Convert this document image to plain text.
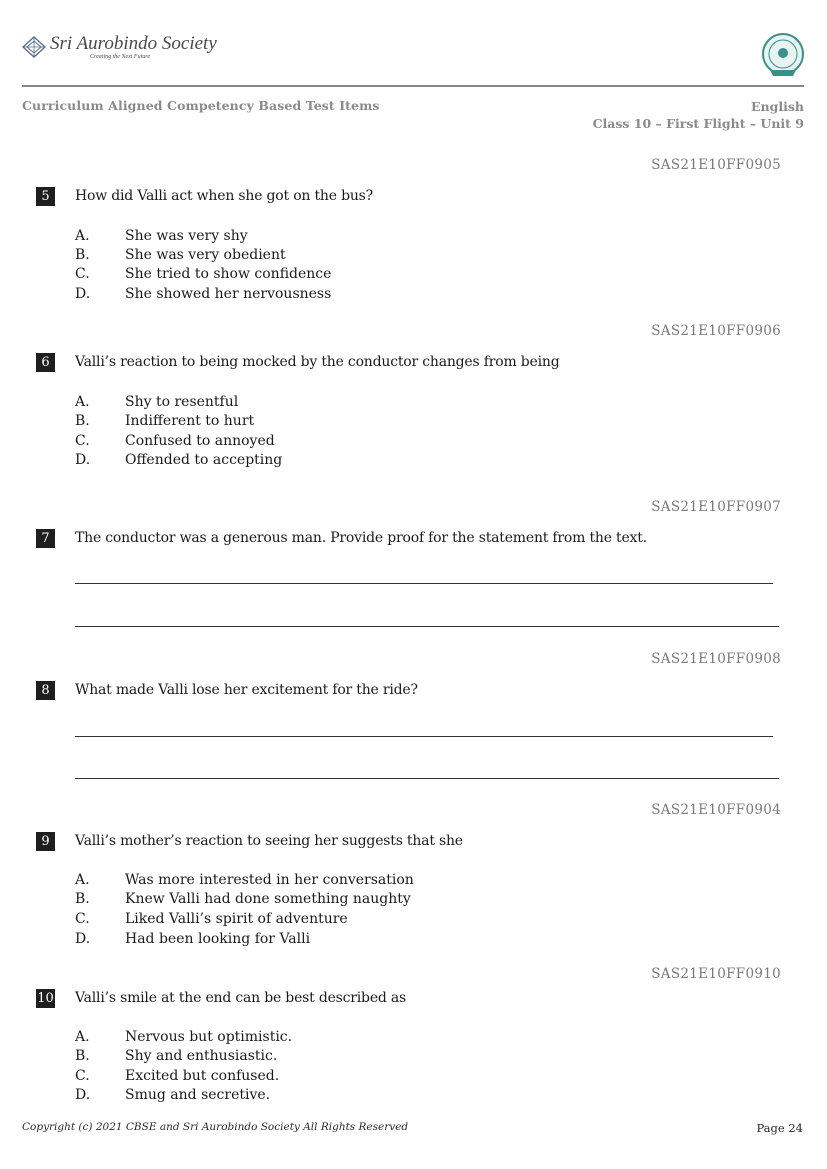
Sri Aurobindo Society
Creating the Next Future
Curriculum Aligned Competency Based Test Items	English
Class 10 – First Flight – Unit 9
SAS21E10FF0905
5	How did Valli act when she got on the bus?
A.	She was very shy
B.	She was very obedient
C.	She tried to show confidence
D.	She showed her nervousness
SAS21E10FF0906
6	Valli’s reaction to being mocked by the conductor changes from being
A.	Shy to resentful
B.	Indifferent to hurt
C.	Confused to annoyed
D.	Offended to accepting
SAS21E10FF0907
7	The conductor was a generous man. Provide proof for the statement from the text.
SAS21E10FF0908
8	What made Valli lose her excitement for the ride?
SAS21E10FF0904
9	Valli’s mother’s reaction to seeing her suggests that she
A.	Was more interested in her conversation
B.	Knew Valli had done something naughty
C.	Liked Valli’s spirit of adventure
D.	Had been looking for Valli
SAS21E10FF0910
10 Valli’s smile at the end can be best described as
A.	Nervous but optimistic.
B.	Shy and enthusiastic.
C.	Excited but confused.
D.	Smug and secretive.
Copyright (c) 2021 CBSE and Sri Aurobindo Society All Rights Reserved	Page 24
